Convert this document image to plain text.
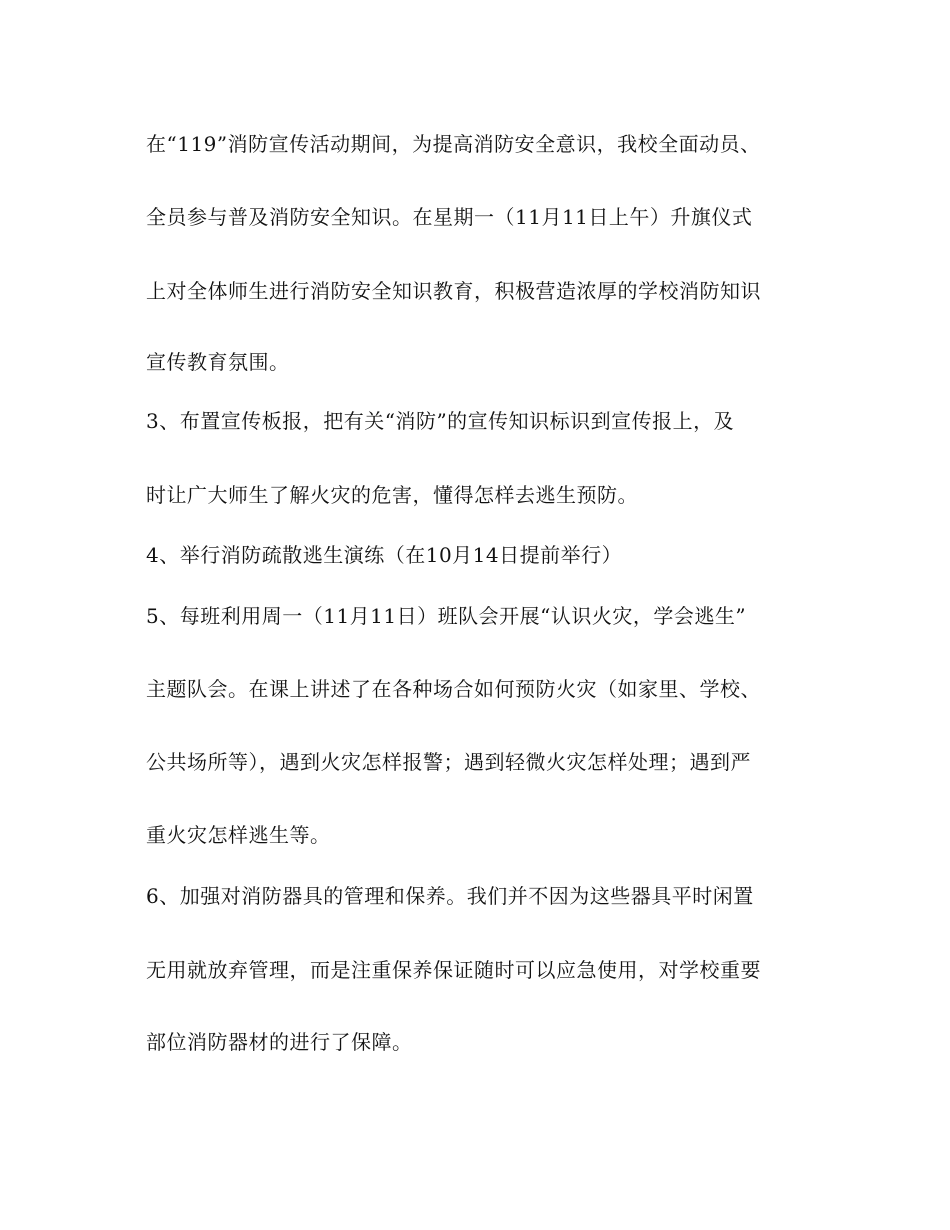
在“119”消防宣传活动期间，为提高消防安全意识，我校全面动员、
全员参与普及消防安全知识。在星期一（11月11日上午）升旗仪式
上对全体师生进行消防安全知识教育，积极营造浓厚的学校消防知识
宣传教育氛围。
3、布置宣传板报，把有关“消防”的宣传知识标识到宣传报上，及
时让广大师生了解火灾的危害，懂得怎样去逃生预防。
4、举行消防疏散逃生演练（在10月14日提前举行）
5、每班利用周一（11月11日）班队会开展“认识火灾，学会逃生”
主题队会。在课上讲述了在各种场合如何预防火灾（如家里、学校、
公共场所等），遇到火灾怎样报警；遇到轻微火灾怎样处理；遇到严
重火灾怎样逃生等。
6、加强对消防器具的管理和保养。我们并不因为这些器具平时闲置
无用就放弃管理，而是注重保养保证随时可以应急使用，对学校重要
部位消防器材的进行了保障。
